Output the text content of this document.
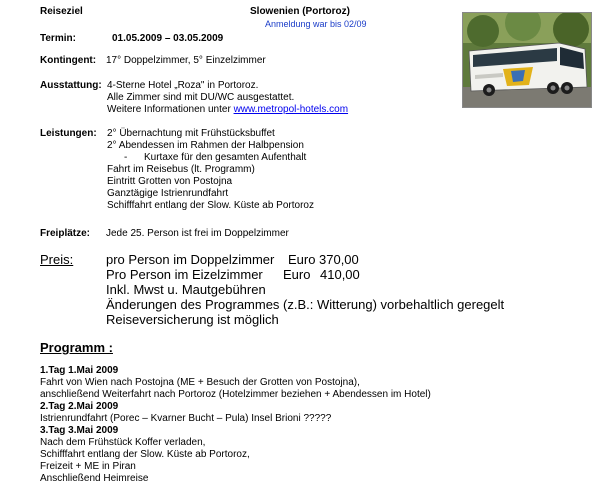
Reiseziel	Slowenien (Portoroz)
Anmeldung war bis 02/09
Termin:	01.05.2009 – 03.05.2009
Kontingent: 17° Doppelzimmer, 5° Einzelzimmer
Ausstattung: 4-Sterne Hotel „Roza" in Portoroz.
Alle Zimmer sind mit DU/WC ausgestattet.
Weitere Informationen unter www.metropol-hotels.com
Leistungen: 2° Übernachtung mit Frühstücksbuffet
2° Abendessen im Rahmen der Halbpension
-      Kurtaxe für den gesamten Aufenthalt
Fahrt im Reisebus (lt. Programm)
Eintritt Grotten von Postojna
Ganztägige Istrienrundfahrt
Schifffahrt entlang der Slow. Küste ab Portoroz
Freiplätze: Jede 25. Person ist frei im Doppelzimmer
Preis:	pro Person im Doppelzimmer Euro 370,00
Pro Person im Eizelzimmer Euro 410,00
Inkl. Mwst u. Mautgebühren
Änderungen des Programmes (z.B.: Witterung) vorbehaltlich geregelt
Reiseversicherung ist möglich
Programm :
1.Tag 1.Mai 2009
Fahrt von Wien nach Postojna (ME + Besuch der Grotten von Postojna),
anschließend Weiterfahrt nach Portoroz (Hotelzimmer beziehen + Abendessen im Hotel)
2.Tag 2.Mai 2009
Istrienrundfahrt (Porec – Kvarner Bucht – Pula) Insel Brioni ?????
3.Tag 3.Mai 2009
Nach dem Frühstück Koffer verladen,
Schifffahrt entlang der Slow. Küste ab Portoroz,
Freizeit + ME in Piran
Anschließend Heimreise
